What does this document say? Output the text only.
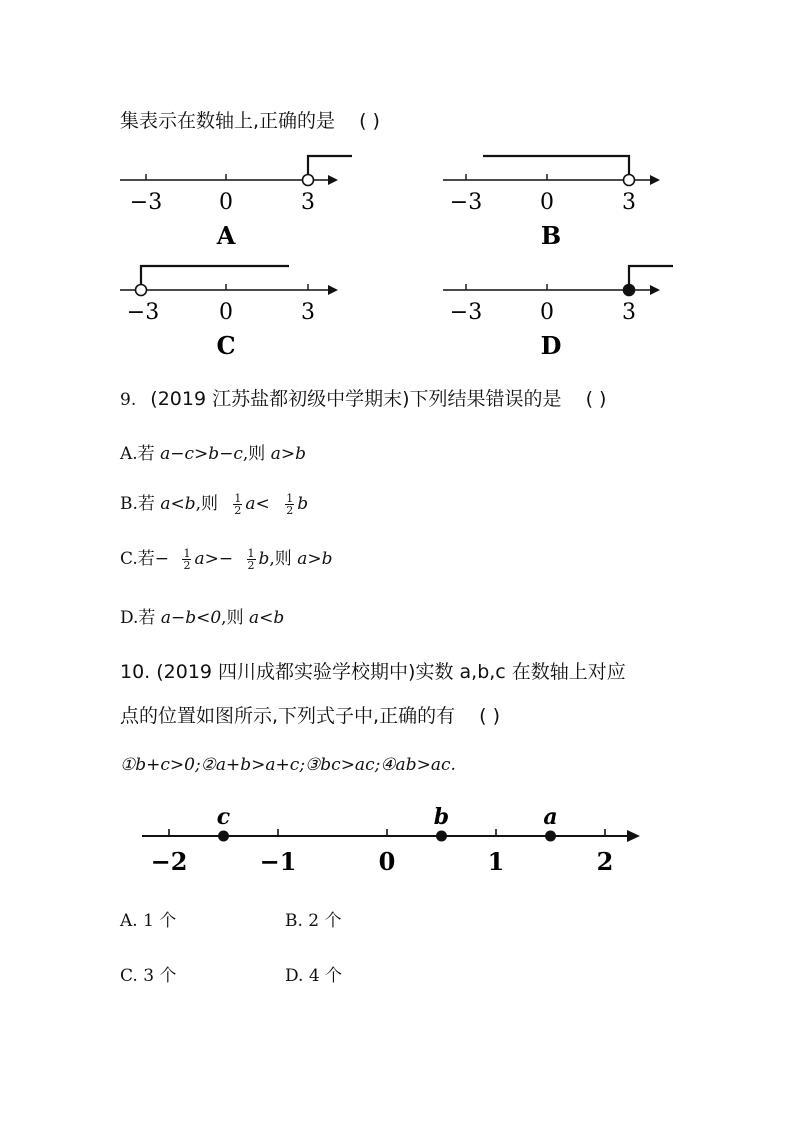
集表示在数轴上,正确的是 ( )
−3	0	3
A
−3	0	3
B
−3	0	3
C
−3	0	3
D
9. (2019 江苏盐都初级中学期末)下列结果错误的是 ( )
A.若 a−c>b−c,则 a>b
B.若 a<b,则 $\frac{1}{2} a< \frac{1}{2}$ b
C.若− $\frac{1}{2} a>- \frac{1}{2} b$,则 a>b
D.若 a−b<0,则 a<b
10. (2019 四川成都实验学校期中)实数 a,b,c 在数轴上对应
点的位置如图所示,下列式子中,正确的有 ( )
①b+c>0;②a+b>a+c;③bc>ac;④ab>ac.
−2	−1	0	1	2
c	b	a
A. 1 个	B. 2 个
C. 3 个	D. 4 个
